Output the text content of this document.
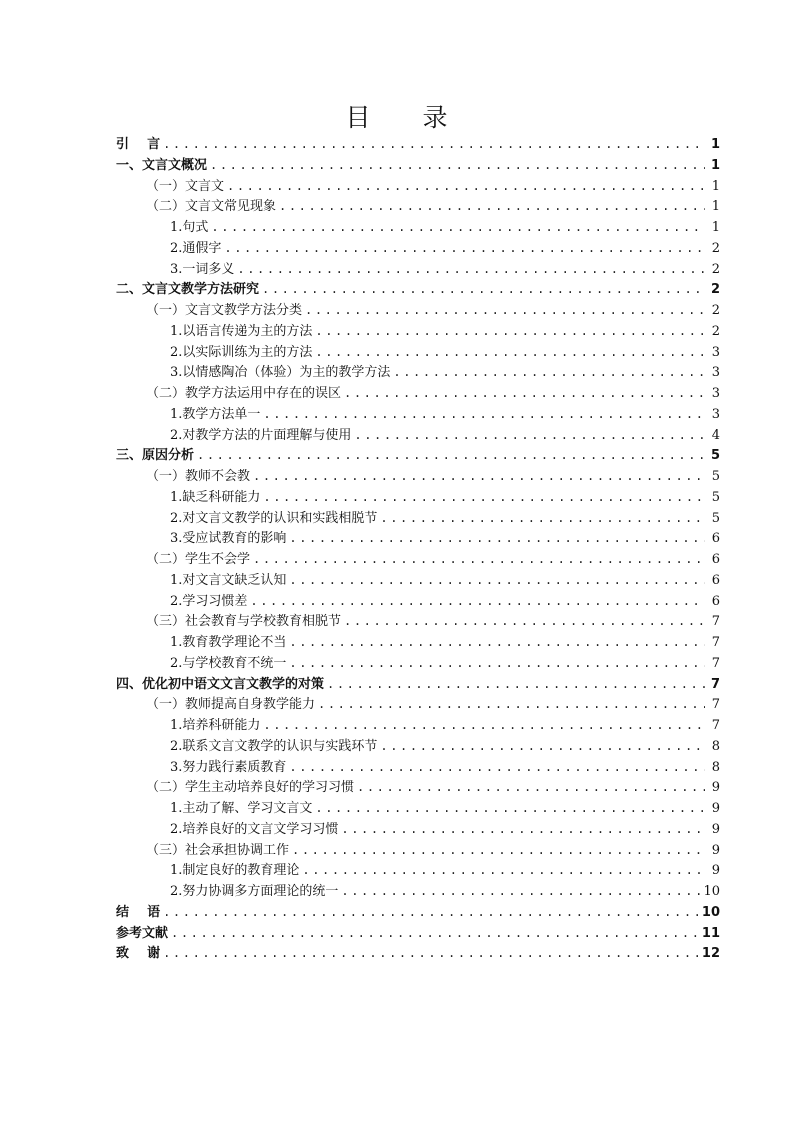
目 录
引    言 .....	1
一、文言文概况 .....	1
（一）文言文 .....	1
（二）文言文常见现象 .....	1
1.句式 .....	1
2.通假字 .....	2
3.一词多义 .....	2
二、文言文教学方法研究 .....	2
（一）文言文教学方法分类 .....	2
1.以语言传递为主的方法 .....	2
2.以实际训练为主的方法 .....	3
3.以情感陶冶（体验）为主的教学方法 .....	3
（二）教学方法运用中存在的误区 .....	3
1.教学方法单一 .....	3
2.对教学方法的片面理解与使用 .....	4
三、原因分析 .....	5
（一）教师不会教 .....	5
1.缺乏科研能力 .....	5
2.对文言文教学的认识和实践相脱节 .....	5
3.受应试教育的影响 .....	6
（二）学生不会学 .....	6
1.对文言文缺乏认知 .....	6
2.学习习惯差 .....	6
（三）社会教育与学校教育相脱节 .....	7
1.教育教学理论不当 .....	7
2.与学校教育不统一 .....	7
四、优化初中语文文言文教学的对策 .....	7
（一）教师提高自身教学能力 .....	7
1.培养科研能力 .....	7
2.联系文言文教学的认识与实践环节 .....	8
3.努力践行素质教育 .....	8
（二）学生主动培养良好的学习习惯 .....	9
1.主动了解、学习文言文 .....	9
2.培养良好的文言文学习习惯 .....	9
（三）社会承担协调工作 .....	9
1.制定良好的教育理论 .....	9
2.努力协调多方面理论的统一 .....	10
结    语 .....	10
参考文献 .....	11
致    谢 .....	12
